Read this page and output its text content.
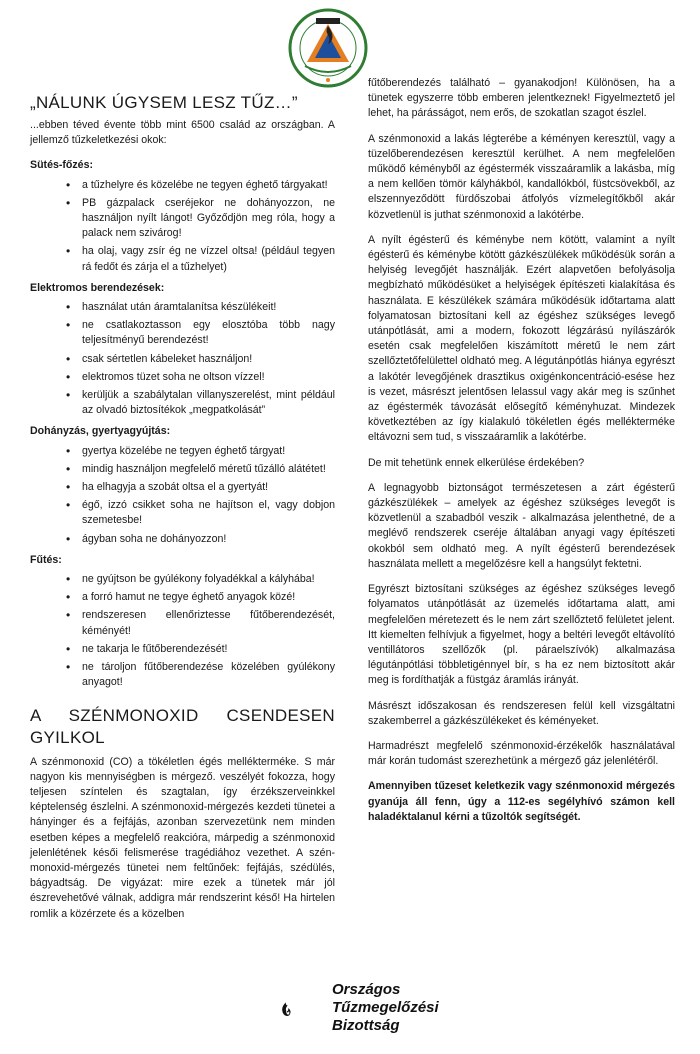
„NÁLUNK ÚGYSEM LESZ TŰZ…”

...ebben téved évente több mint 6500 család az országban. A jellemző tűzkeletkezési okok:

Sütés-főzés:
• a tűzhelyre és közelébe ne tegyen éghető tárgyakat!
• PB gázpalack cseréjekor ne dohányozzon, ne használjon nyílt lángot! Győződjön meg róla, hogy a palack nem szivárog!
• ha olaj, vagy zsír ég ne vízzel oltsa! (például tegyen rá fedőt és zárja el a tűzhelyet)
Elektromos berendezések:
• használat után áramtalanítsa készülékeit!
• ne csatlakoztasson egy elosztóba több nagy teljesítményű berendezést!
• csak sértetlen kábeleket használjon!
• elektromos tüzet soha ne oltson vízzel!
• kerüljük a szabálytalan villanyszerelést, mint például az olvadó biztosítékok „megpatkolását”
Dohányzás, gyertyagyújtás:
• gyertya közelébe ne tegyen éghető tárgyat!
• mindig használjon megfelelő méretű tűzálló alátétet!
• ha elhagyja a szobát oltsa el a gyertyát!
• égő, izzó csikket soha ne hajítson el, vagy dobjon szemetesbe!
• ágyban soha ne dohányozzon!
Fűtés:
• ne gyújtson be gyúlékony folyadékkal a kályhába!
• a forró hamut ne tegye éghető anyagok közé!
• rendszeresen ellenőriztesse fűtőberendezését, kéményét!
• ne takarja le fűtőberendezését!
• ne tároljon fűtőberendezése közelében gyúlékony anyagot!
A SZÉNMONOXID CSENDESEN GYILKOL

A szénmonoxid (CO) a tökéletlen égés mellékterméke. S már nagyon kis mennyiségben is mérgező. veszélyét fokozza, hogy teljesen színtelen és szagtalan, így érzékszerveinkkel képtelenség észlelni. A szénmonoxid-mérgezés kezdeti tünetei a hányinger és a fejfájás, azonban szervezetünk nem minden esetben képes a megfelelő reakcióra, márpedig a szénmonoxid jelenlétének késői felismerése tragédiához vezethet. A szén-monoxid-mérgezés tünetei nem feltűnőek: fejfájás, szédülés, bágyadtság. De vigyázat: mire ezek a tünetek már jól észrevehetővé válnak, addigra már rendszerint késő! Ha hirtelen romlik a közérzete és a közelben

fűtőberendezés található – gyanakodjon! Különösen, ha a tünetek egyszerre több emberen jelentkeznek! Figyelmeztető jel lehet, ha párásságot, nem erős, de szokatlan szagot észlel.

A szénmonoxid a lakás légterébe a kéményen keresztül, vagy a tüzelőberendezésen keresztül kerülhet. A nem megfelelően működő kéményből az égéstermék visszaáramlik a lakásba, míg a nem kellően tömör kályhákból, kandallókból, füstcsövekből, az elszennyeződött fürdőszobai átfolyós vízmelegítőkből akár közvetlenül is juthat szénmonoxid a lakótérbe.

A nyílt égésterű és kéménybe nem kötött, valamint a nyílt égésterű és kéménybe kötött gázkészülékek működésük során a helyiség levegőjét használják. Ezért alapvetően befolyásolja megbízható működésüket a helyiségek építészeti kialakítása és használata. E készülékek számára működésük időtartama alatt folyamatosan biztosítani kell az égéshez szükséges levegő utánpótlását, ami a modern, fokozott légzárású nyílászárók esetén csak megfelelően kiszámított méretű le nem zárt szellőztetőfelülettel oldható meg. A légutánpótlás hiánya egyrészt a lakótér levegőjének drasztikus oxigénkoncentráció-esése hez is vezet, másrészt jelentősen lelassul vagy akár meg is szűnhet az égéstermék távozását elősegítő kéményhuzat. Mindezek következtében az így kialakuló tökéletlen égés mellékterméke eltávozni sem tud, s visszaáramlik a lakótérbe.

De mit tehetünk ennek elkerülése érdekében?

A legnagyobb biztonságot természetesen a zárt égésterű gázkészülékek – amelyek az égéshez szükséges levegőt is közvetlenül a szabadból veszik - alkalmazása jelenthetné, de a meglévő rendszerek cseréje általában anyagi vagy építészeti okokból sem oldható meg. A nyílt égésterű berendezések használata mellett a megelőzésre kell a hangsúlyt fektetni.

Egyrészt biztosítani szükséges az égéshez szükséges levegő folyamatos utánpótlását az üzemelés időtartama alatt, ami megfelelően méretezett és le nem zárt szellőztető felületet jelent. Itt kiemelten felhívjuk a figyelmet, hogy a beltéri levegőt eltávolító ventillátoros szellőzők (pl. páraelszívók) alkalmazása légutánpótlási többletigénnyel bír, s ha ez nem biztosított akár meg is fordíthatják a füstgáz áramlás irányát.

Másrészt időszakosan és rendszeresen felül kell vizsgáltatni szakemberrel a gázkészülékeket és kéményeket.

Harmadrészt megfelelő szénmonoxid-érzékelők használatával már korán tudomást szerezhetünk a mérgező gáz jelenlétéről.

Amennyiben tűzeset keletkezik vagy szénmonoxid mérgezés gyanúja áll fenn, úgy a 112-es segélyhívó számon kell haladéktalanul kérni a tűzoltók segítségét.

Országos
Tűzmegelőzési
Bizottság
